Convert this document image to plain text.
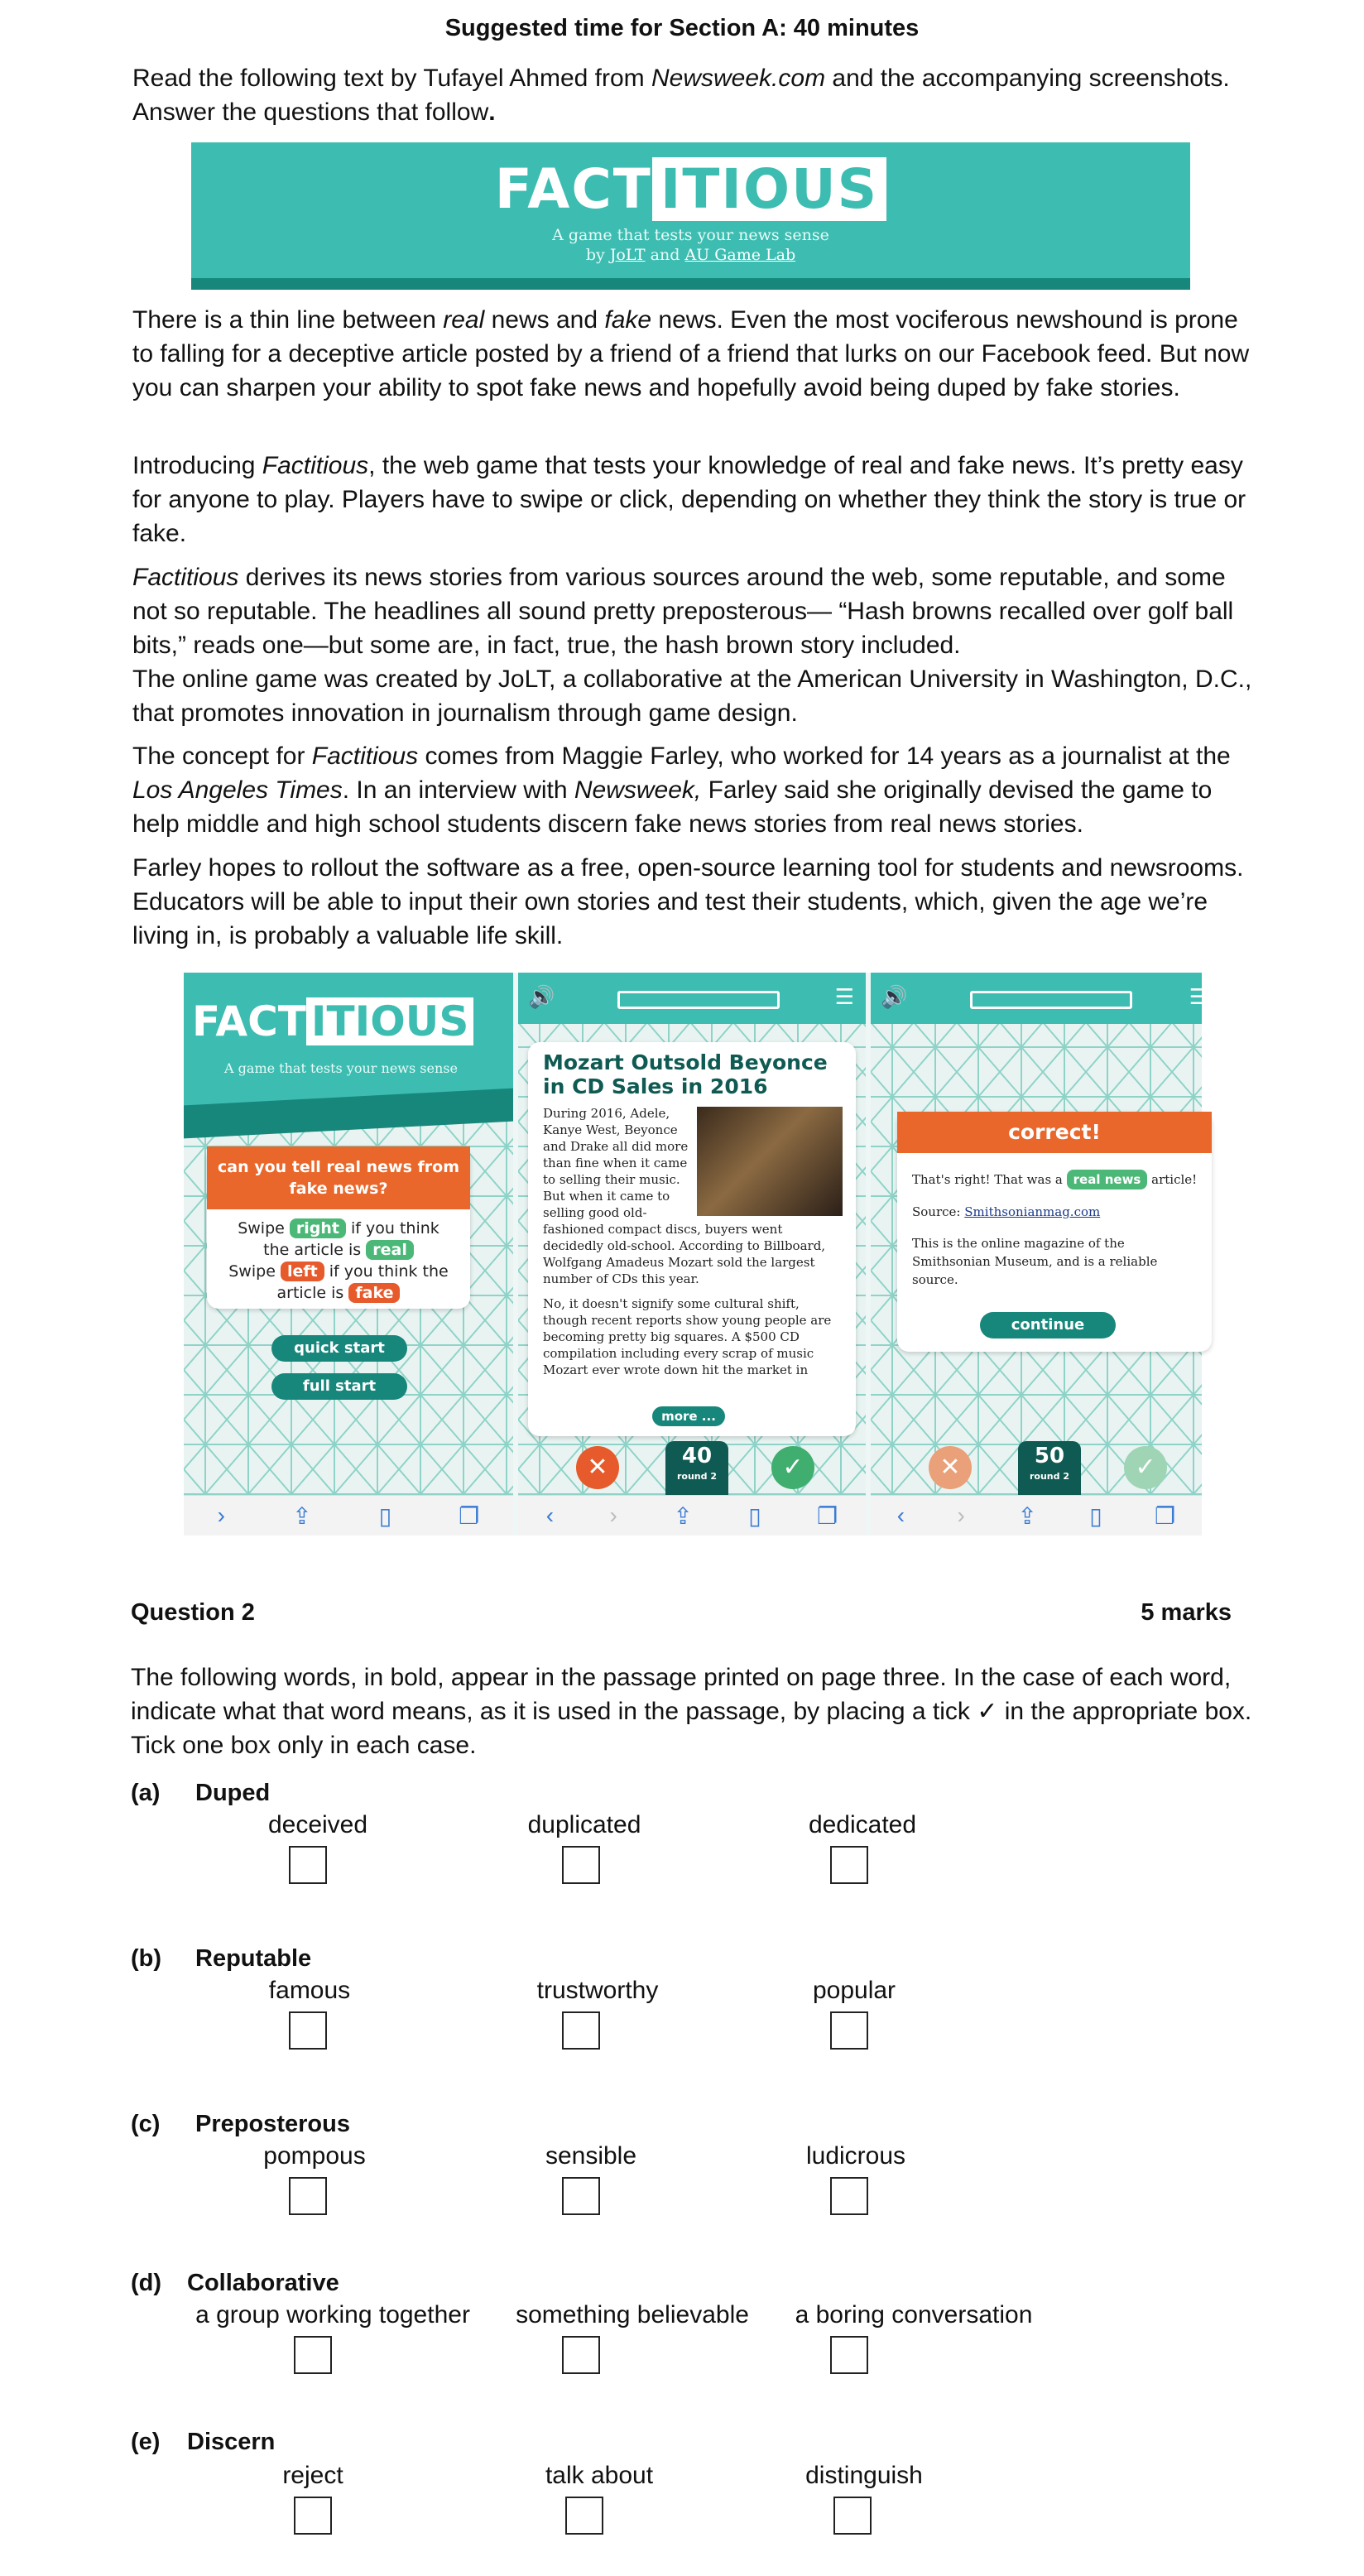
Suggested time for Section A: 40 minutes

Read the following text by Tufayel Ahmed from Newsweek.com and the accompanying screenshots. Answer the questions that follow.

FACT ITIOUS
A game that tests your news sense
by JoLT and AU Game Lab

There is a thin line between real news and fake news. Even the most vociferous newshound is prone to falling for a deceptive article posted by a friend of a friend that lurks on our Facebook feed. But now you can sharpen your ability to spot fake news and hopefully avoid being duped by fake stories.

Introducing Factitious, the web game that tests your knowledge of real and fake news. It’s pretty easy for anyone to play. Players have to swipe or click, depending on whether they think the story is true or fake.

Factitious derives its news stories from various sources around the web, some reputable, and some not so reputable. The headlines all sound pretty preposterous— “Hash browns recalled over golf ball bits,” reads one—but some are, in fact, true, the hash brown story included.

The online game was created by JoLT, a collaborative at the American University in Washington, D.C., that promotes innovation in journalism through game design.

The concept for Factitious comes from Maggie Farley, who worked for 14 years as a journalist at the Los Angeles Times. In an interview with Newsweek, Farley said she originally devised the game to help middle and high school students discern fake news stories from real news stories.

Farley hopes to rollout the software as a free, open-source learning tool for students and newsrooms. Educators will be able to input their own stories and test their students, which, given the age we’re living in, is probably a valuable life skill.

FACT ITIOUS
A game that tests your news sense
can you tell real news from fake news?
Swipe right if you think
the article is real
Swipe left if you think the
article is fake
quick start
full start
›	⇪	▯	❐
🔊	☰
Mozart Outsold Beyonce in CD Sales in 2016
During 2016, Adele, Kanye West, Beyonce and Drake all did more than fine when it came to selling their music. But when it came to selling good old-fashioned compact discs, buyers went decidedly old-school. According to Billboard, Wolfgang Amadeus Mozart sold the largest number of CDs this year.
No, it doesn't signify some cultural shift, though recent reports show young people are becoming pretty big squares. A $500 CD compilation including every scrap of music Mozart ever wrote down hit the market in
more ...
✕	40
round 2	✓
‹ › ⇪ ▯ ❐
🔊	☰
correct!
That's right! That was a real news article!
Source: Smithsonianmag.com
This is the online magazine of the Smithsonian Museum, and is a reliable source.
continue
✕	50
round 2	✓
‹ › ⇪ ▯ ❐
Question 2	5 marks

The following words, in bold, appear in the passage printed on page three. In the case of each word, indicate what that word means, as it is used in the passage, by placing a tick ✓ in the appropriate box. Tick one box only in each case.

(a) Duped
deceived	duplicated	dedicated
(b) Reputable
famous	trustworthy	popular
(c) Preposterous
pompous	sensible	ludicrous
(d) Collaborative
a group working together	something believable	a boring conversation
(e) Discern
reject	talk about	distinguish
